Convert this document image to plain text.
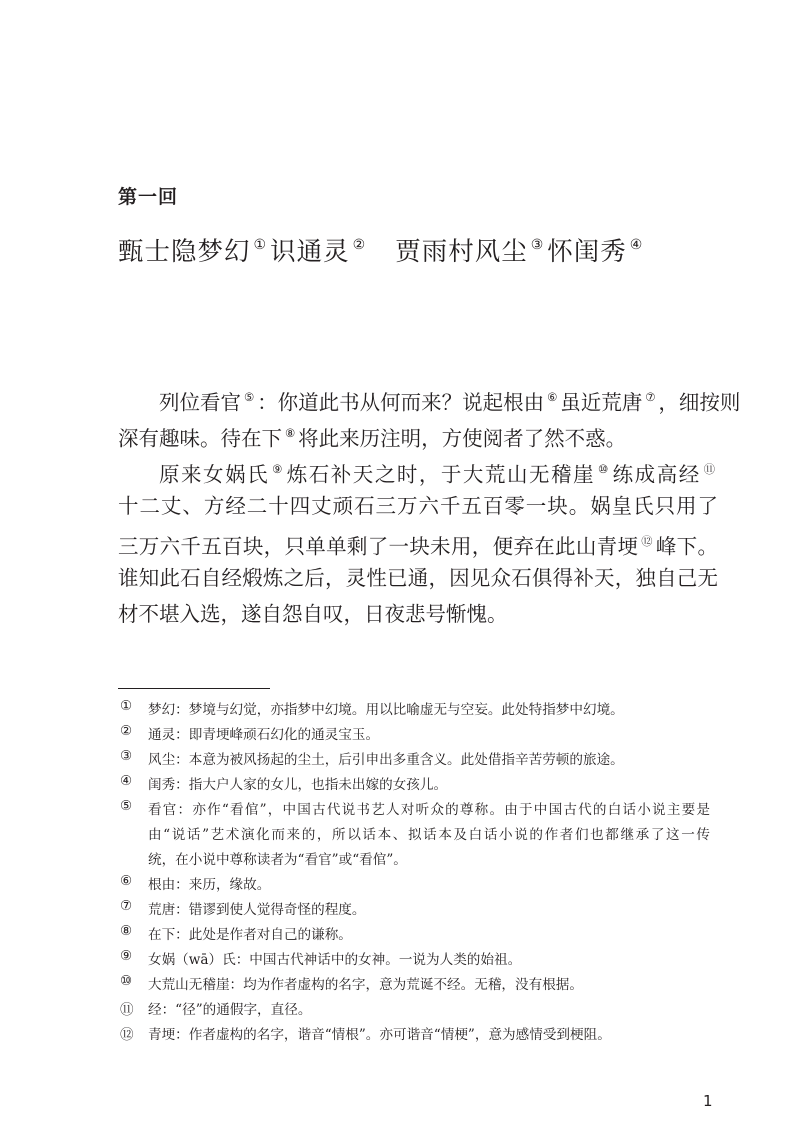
第一回
甄士隐梦幻 ① 识通灵 ② 贾雨村风尘 ③ 怀闺秀 ④
列位看官 ⑤ ：你道此书从何而来？说起根由 ⑥ 虽近荒唐 ⑦ ，细按则
深有趣味。待在下 ⑧ 将此来历注明，方使阅者了然不惑。
原来女娲氏 ⑨ 炼石补天之时，于大荒山无稽崖 ⑩ 练成高经 ⑪
十二丈、方经二十四丈顽石三万六千五百零一块。娲皇氏只用了
三万六千五百块，只单单剩了一块未用，便弃在此山青埂 ⑫ 峰下。
谁知此石自经煅炼之后，灵性已通，因见众石俱得补天，独自己无
材不堪入选，遂自怨自叹，日夜悲号惭愧。
①	梦幻：梦境与幻觉，亦指梦中幻境。用以比喻虚无与空妄。此处特指梦中幻境。
②	通灵：即青埂峰顽石幻化的通灵宝玉。
③	风尘：本意为被风扬起的尘土，后引申出多重含义。此处借指辛苦劳顿的旅途。
④	闺秀：指大户人家的女儿，也指未出嫁的女孩儿。
⑤	看官：亦作“看倌”，中国古代说书艺人对听众的尊称。由于中国古代的白话小说主要是
由“说话”艺术演化而来的，所以话本、拟话本及白话小说的作者们也都继承了这一传
统，在小说中尊称读者为“看官”或“看倌”。
⑥	根由：来历，缘故。
⑦	荒唐：错谬到使人觉得奇怪的程度。
⑧	在下：此处是作者对自己的谦称。
⑨	女娲（wā）氏：中国古代神话中的女神。一说为人类的始祖。
⑩	大荒山无稽崖：均为作者虚构的名字，意为荒诞不经。无稽，没有根据。
⑪	经：“径”的通假字，直径。
⑫	青埂：作者虚构的名字，谐音“情根”。亦可谐音“情梗”，意为感情受到梗阻。
1
